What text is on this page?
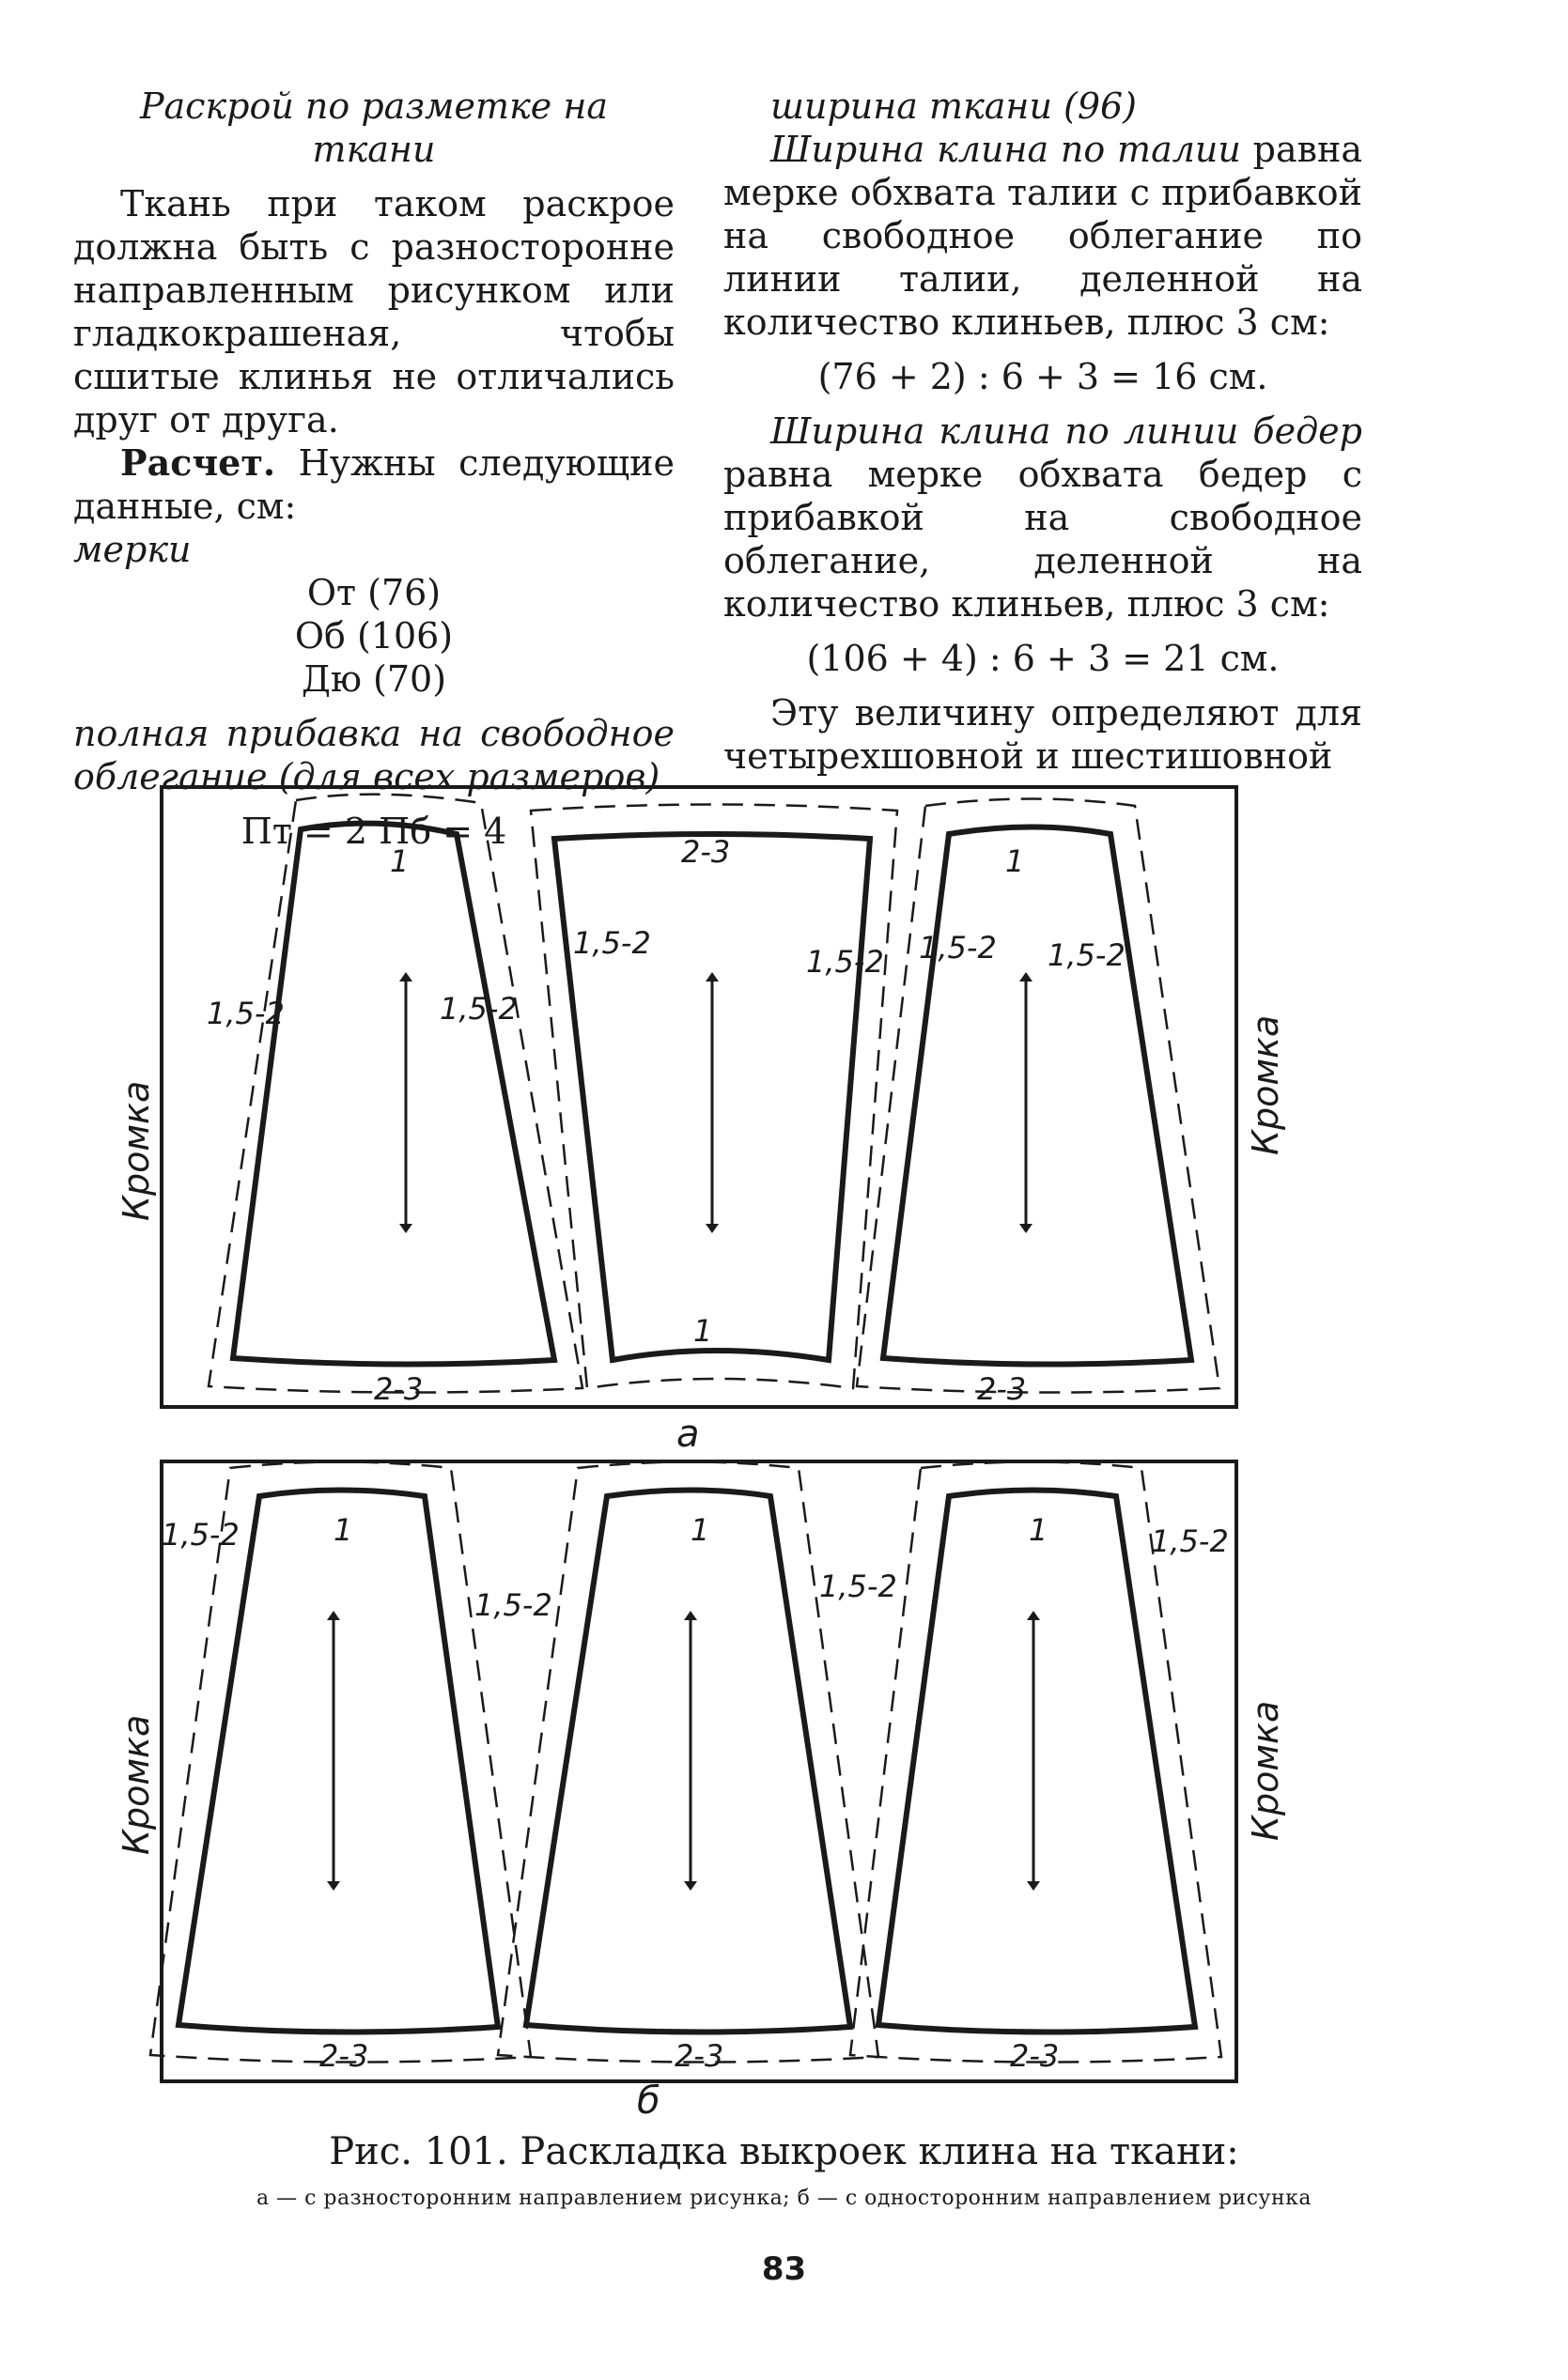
Раскрой по разметке на ткани

Ткань при таком раскрое должна быть с разносторонне направленным рисунком или гладкокрашеная, чтобы сшитые клинья не отличались друг от друга.

Расчет. Нужны следующие данные, см:

мерки

От (76)

Об (106)

Дю (70)

полная прибавка на свободное облегание (для всех размеров)

Пт = 2 Пб = 4

ширина ткани (96)

Ширина клина по талии равна мерке обхвата талии с прибавкой на свободное облегание по линии талии, деленной на количество клиньев, плюс 3 см:

(76 + 2) : 6 + 3 = 16 см.

Ширина клина по линии бедер равна мерке обхвата бедер с прибавкой на свободное облегание, деленной на количество клиньев, плюс 3 см:

(106 + 4) : 6 + 3 = 21 см.

Эту величину определяют для четырехшовной и шестишовной

1	1
1
2-3
2-3	2-3
1,5-2	1,5-2
1,5-2
1,5-2 1,5-2 1,5-2
Кромка	Кромка
а
1	1	1
2-3	2-3	2-3
1,5-2
1,5-2
1,5-2
1,5-2
Кромка	Кромка
б
Рис. 101. Раскладка выкроек клина на ткани:
а — с разносторонним направлением рисунка; б — с односторонним направлением рисунка
83
